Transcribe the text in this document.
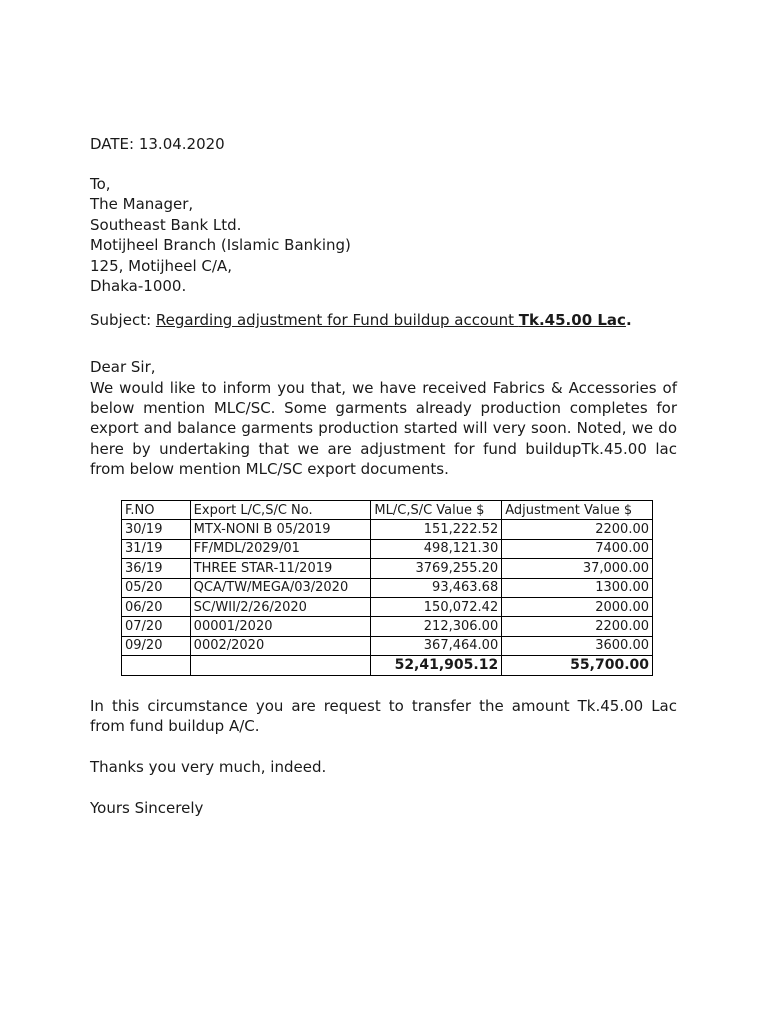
DATE: 13.04.2020
To,
The Manager,
Southeast Bank Ltd.
Motijheel Branch (Islamic Banking)
125, Motijheel C/A,
Dhaka-1000.
Subject: Regarding adjustment for Fund buildup account Tk.45.00 Lac.
Dear Sir,
We would like to inform you that, we have received Fabrics & Accessories of below mention MLC/SC. Some garments already production completes for export and balance garments production started will very soon. Noted, we do here by undertaking that we are adjustment for fund buildupTk.45.00 lac from below mention MLC/SC export documents.
F.NO	Export L/C,S/C No.	ML/C,S/C Value $	Adjustment Value $
30/19	MTX-NONI B 05/2019	151,222.52	2200.00
31/19	FF/MDL/2029/01	498,121.30	7400.00
36/19	THREE STAR-11/2019	3769,255.20	37,000.00
05/20	QCA/TW/MEGA/03/2020	93,463.68	1300.00
06/20	SC/WII/2/26/2020	150,072.42	2000.00
07/20	00001/2020	212,306.00	2200.00
09/20	0002/2020	367,464.00	3600.00
		52,41,905.12	55,700.00
In this circumstance you are request to transfer the amount Tk.45.00 Lac from fund buildup A/C.
Thanks you very much, indeed.
Yours Sincerely
